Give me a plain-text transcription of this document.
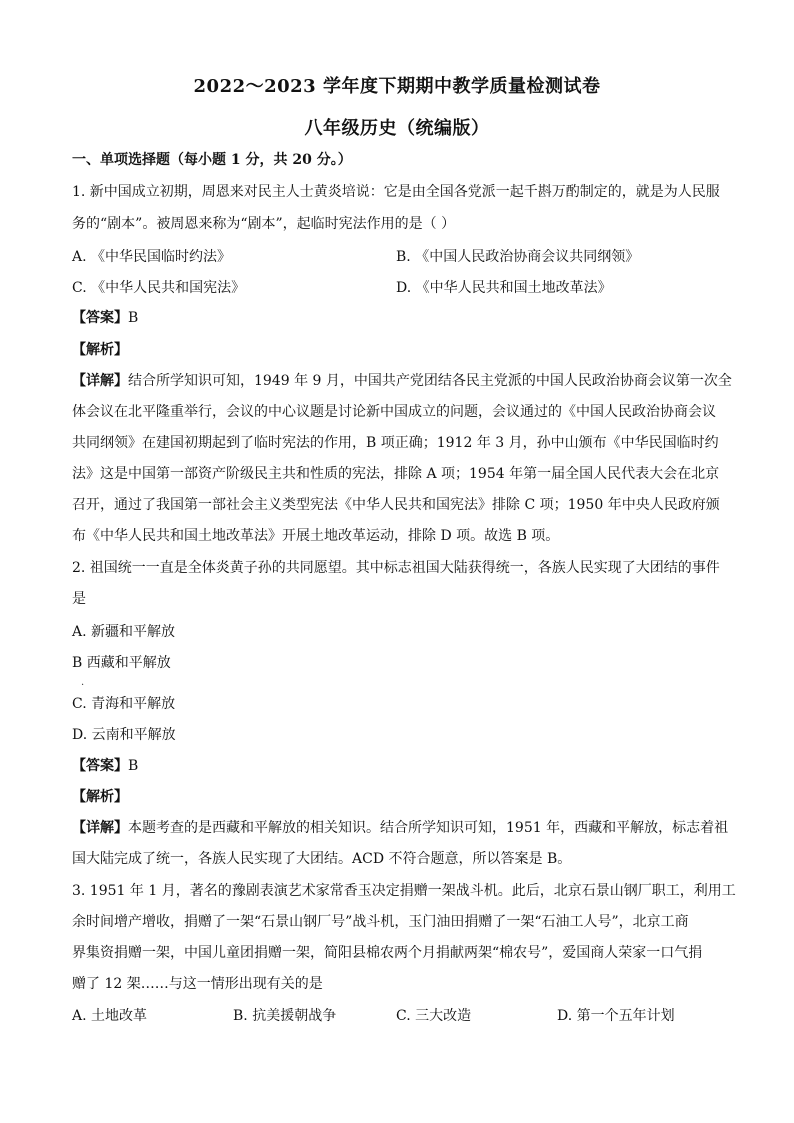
2022～2023 学年度下期期中教学质量检测试卷
八年级历史（统编版）
一、单项选择题（每小题 1 分，共 20 分。）
1. 新中国成立初期，周恩来对民主人士黄炎培说：它是由全国各党派一起千斟万酌制定的，就是为人民服
务的“剧本”。被周恩来称为“剧本”，起临时宪法作用的是（ ）
A. 《中华民国临时约法》	B. 《中国人民政治协商会议共同纲领》
C. 《中华人民共和国宪法》	D. 《中华人民共和国土地改革法》
【答案】B
【解析】
【详解】结合所学知识可知，1949 年 9 月，中国共产党团结各民主党派的中国人民政治协商会议第一次全
体会议在北平隆重举行，会议的中心议题是讨论新中国成立的问题，会议通过的《中国人民政治协商会议
共同纲领》在建国初期起到了临时宪法的作用，B 项正确；1912 年 3 月，孙中山颁布《中华民国临时约
法》这是中国第一部资产阶级民主共和性质的宪法，排除 A 项；1954 年第一届全国人民代表大会在北京
召开，通过了我国第一部社会主义类型宪法《中华人民共和国宪法》排除 C 项；1950 年中央人民政府颁
布《中华人民共和国土地改革法》开展土地改革运动，排除 D 项。故选 B 项。
2. 祖国统一一直是全体炎黄子孙的共同愿望。其中标志祖国大陆获得统一，各族人民实现了大团结的事件
是
A. 新疆和平解放
B 西藏和平解放
.
C. 青海和平解放
D. 云南和平解放
【答案】B
【解析】
【详解】本题考查的是西藏和平解放的相关知识。结合所学知识可知，1951 年，西藏和平解放，标志着祖
国大陆完成了统一，各族人民实现了大团结。ACD 不符合题意，所以答案是 B。
3. 1951 年 1 月，著名的豫剧表演艺术家常香玉决定捐赠一架战斗机。此后，北京石景山钢厂职工，利用工
余时间增产增收，捐赠了一架“石景山钢厂号”战斗机，玉门油田捐赠了一架“石油工人号”，北京工商
界集资捐赠一架，中国儿童团捐赠一架，简阳县棉农两个月捐献两架“棉农号”，爱国商人荣家一口气捐
赠了 12 架……与这一情形出现有关的是
A. 土地改革	B. 抗美援朝战争	C. 三大改造	D. 第一个五年计划
